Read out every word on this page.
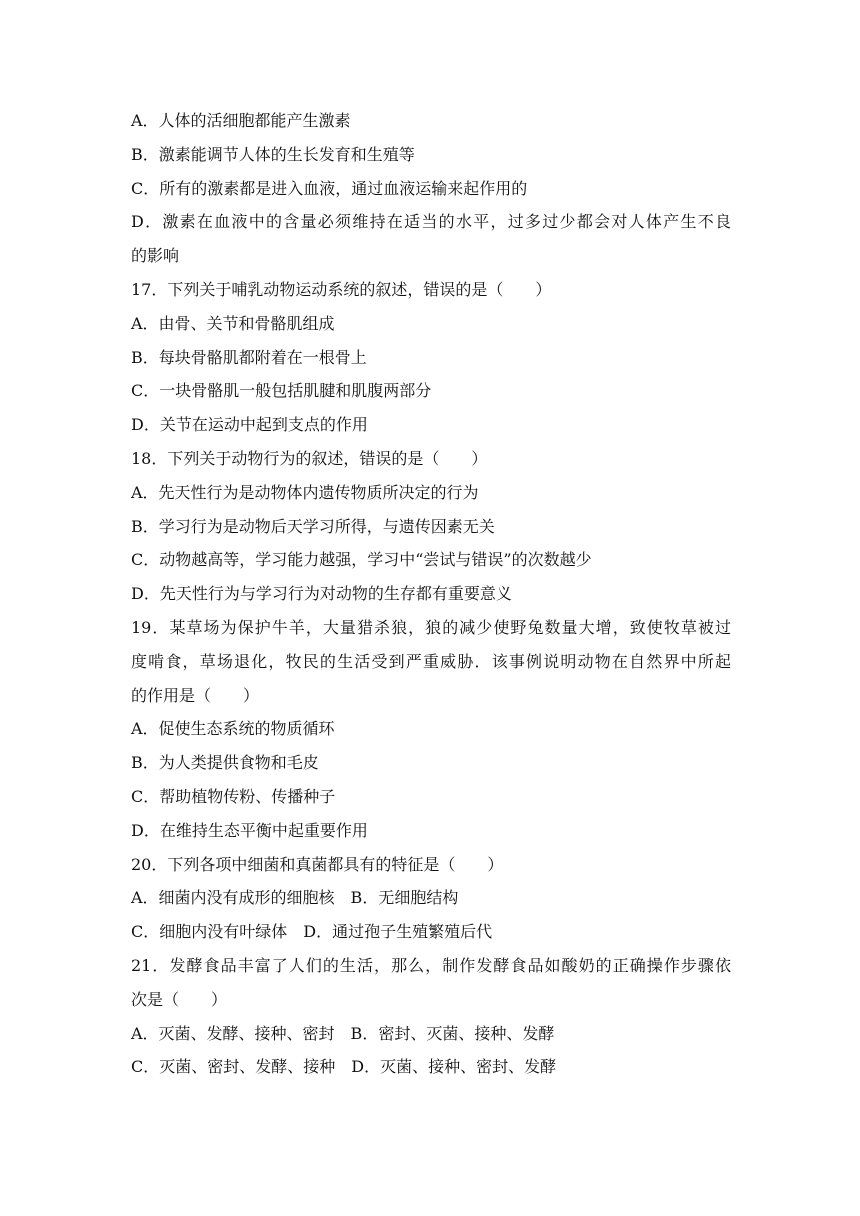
A．人体的活细胞都能产生激素
B．激素能调节人体的生长发育和生殖等
C．所有的激素都是进入血液，通过血液运输来起作用的
D．激素在血液中的含量必须维持在适当的水平，过多过少都会对人体产生不良
的影响
17．下列关于哺乳动物运动系统的叙述，错误的是（　　）
A．由骨、关节和骨骼肌组成
B．每块骨骼肌都附着在一根骨上
C．一块骨骼肌一般包括肌腱和肌腹两部分
D．关节在运动中起到支点的作用
18．下列关于动物行为的叙述，错误的是（　　）
A．先天性行为是动物体内遗传物质所决定的行为
B．学习行为是动物后天学习所得，与遗传因素无关
C．动物越高等，学习能力越强，学习中“尝试与错误”的次数越少
D．先天性行为与学习行为对动物的生存都有重要意义
19．某草场为保护牛羊，大量猎杀狼，狼的减少使野兔数量大增，致使牧草被过
度啃食，草场退化，牧民的生活受到严重威胁．该事例说明动物在自然界中所起
的作用是（　　）
A．促使生态系统的物质循环
B．为人类提供食物和毛皮
C．帮助植物传粉、传播种子
D．在维持生态平衡中起重要作用
20．下列各项中细菌和真菌都具有的特征是（　　）
A．细菌内没有成形的细胞核　B．无细胞结构
C．细胞内没有叶绿体　D．通过孢子生殖繁殖后代
21．发酵食品丰富了人们的生活，那么，制作发酵食品如酸奶的正确操作步骤依
次是（　　）
A．灭菌、发酵、接种、密封　B．密封、灭菌、接种、发酵
C．灭菌、密封、发酵、接种　D．灭菌、接种、密封、发酵
